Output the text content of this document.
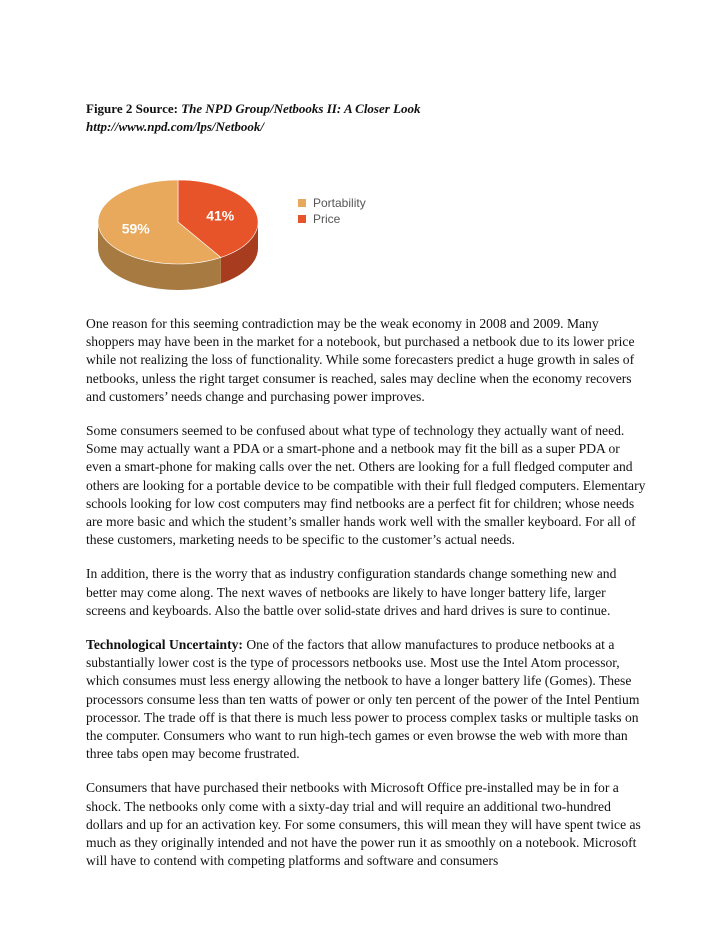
Figure 2 Source: The NPD Group/Netbooks II: A Closer Look
http://www.npd.com/lps/Netbook/
41%
59%
Portability
Price

One reason for this seeming contradiction may be the weak economy in 2008 and 2009. Many shoppers may have been in the market for a notebook, but purchased a netbook due to its lower price while not realizing the loss of functionality. While some forecasters predict a huge growth in sales of netbooks, unless the right target consumer is reached, sales may decline when the economy recovers and customers’ needs change and purchasing power improves.

Some consumers seemed to be confused about what type of technology they actually want of need. Some may actually want a PDA or a smart-phone and a netbook may fit the bill as a super PDA or even a smart-phone for making calls over the net. Others are looking for a full fledged computer and others are looking for a portable device to be compatible with their full fledged computers. Elementary schools looking for low cost computers may find netbooks are a perfect fit for children; whose needs are more basic and which the student’s smaller hands work well with the smaller keyboard. For all of these customers, marketing needs to be specific to the customer’s actual needs.

In addition, there is the worry that as industry configuration standards change something new and better may come along. The next waves of netbooks are likely to have longer battery life, larger screens and keyboards. Also the battle over solid-state drives and hard drives is sure to continue.

Technological Uncertainty: One of the factors that allow manufactures to produce netbooks at a substantially lower cost is the type of processors netbooks use. Most use the Intel Atom processor, which consumes must less energy allowing the netbook to have a longer battery life (Gomes). These processors consume less than ten watts of power or only ten percent of the power of the Intel Pentium processor. The trade off is that there is much less power to process complex tasks or multiple tasks on the computer. Consumers who want to run high-tech games or even browse the web with more than three tabs open may become frustrated.

Consumers that have purchased their netbooks with Microsoft Office pre-installed may be in for a shock. The netbooks only come with a sixty-day trial and will require an additional two-hundred dollars and up for an activation key. For some consumers, this will mean they will have spent twice as much as they originally intended and not have the power run it as smoothly on a notebook. Microsoft will have to contend with competing platforms and software and consumers
